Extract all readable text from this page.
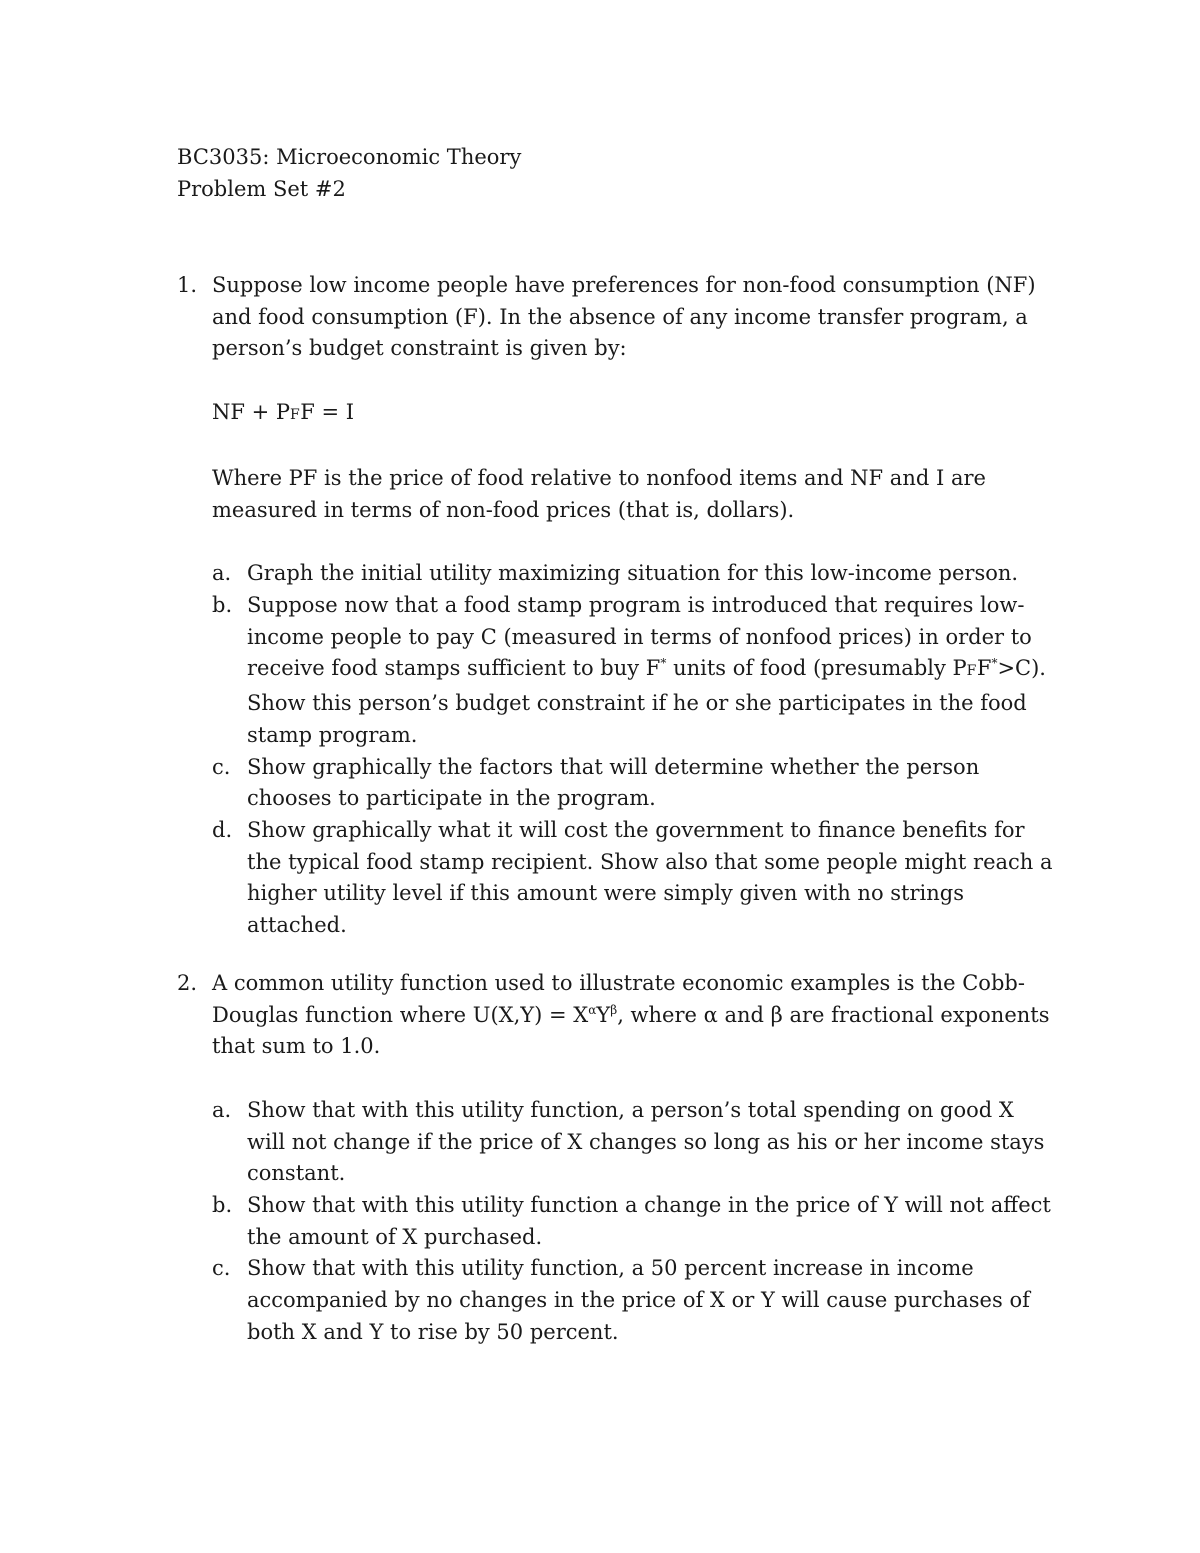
BC3035: Microeconomic Theory
Problem Set #2
1. Suppose low income people have preferences for non-food consumption (NF) and food consumption (F). In the absence of any income transfer program, a person’s budget constraint is given by:

NF + PFF = I

Where PF is the price of food relative to nonfood items and NF and I are measured in terms of non-food prices (that is, dollars).

a. Graph the initial utility maximizing situation for this low-income person.
b. Suppose now that a food stamp program is introduced that requires low-income people to pay C (measured in terms of nonfood prices) in order to receive food stamps sufficient to buy F* units of food (presumably PFF*>C). Show this person’s budget constraint if he or she participates in the food stamp program.
c. Show graphically the factors that will determine whether the person chooses to participate in the program.
d. Show graphically what it will cost the government to finance benefits for the typical food stamp recipient. Show also that some people might reach a higher utility level if this amount were simply given with no strings attached.
2. A common utility function used to illustrate economic examples is the Cobb-Douglas function where $U(X,Y) = X^\alpha Y^\beta$, where α and β are fractional exponents that sum to 1.0.

a. Show that with this utility function, a person’s total spending on good X will not change if the price of X changes so long as his or her income stays constant.
b. Show that with this utility function a change in the price of Y will not affect the amount of X purchased.
c. Show that with this utility function, a 50 percent increase in income accompanied by no changes in the price of X or Y will cause purchases of both X and Y to rise by 50 percent.
